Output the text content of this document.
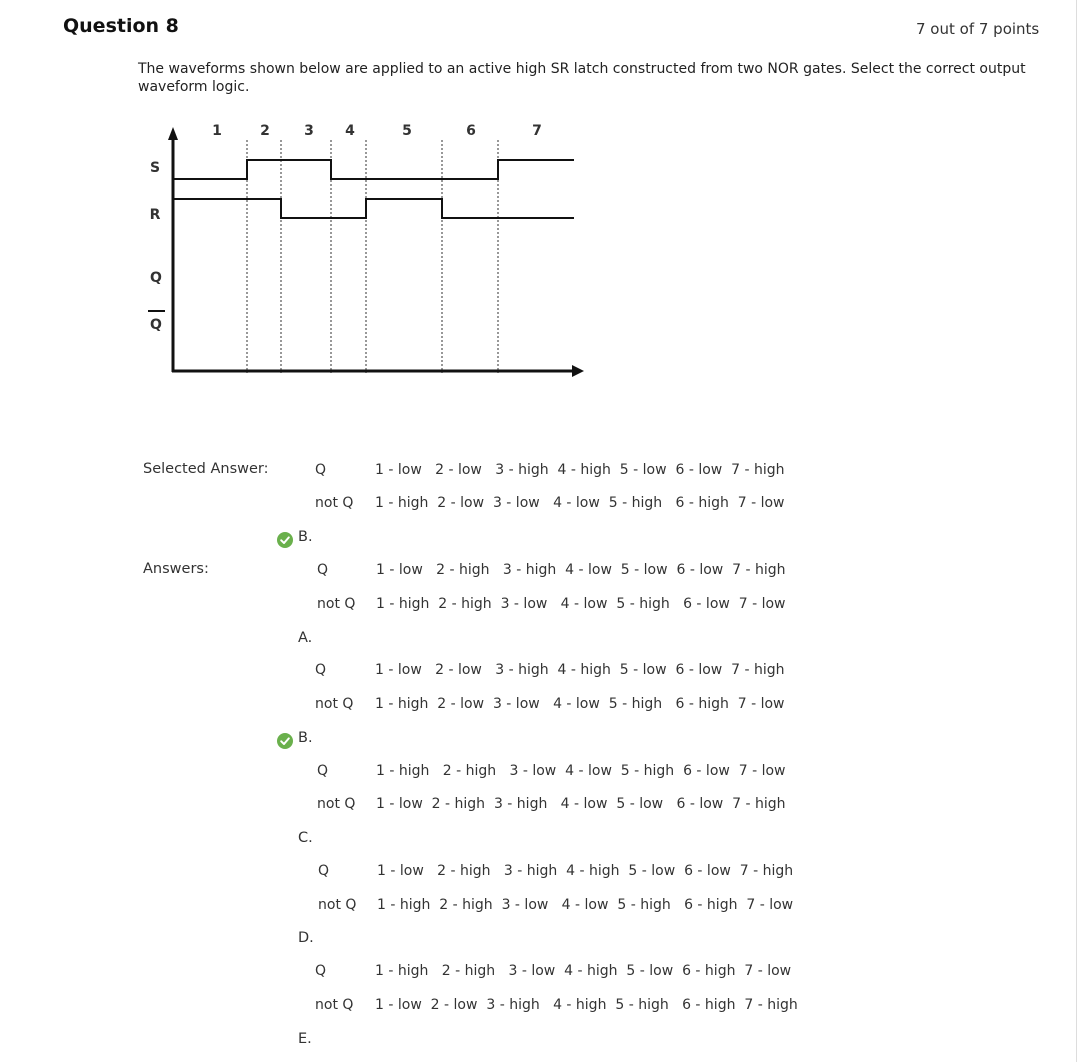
Question 8	7 out of 7 points
The waveforms shown below are applied to an active high SR latch constructed from two NOR gates. Select the correct output waveform logic.
1	2 3 4	5	6	7
S
R
Q
Q
Selected Answer:	Q	1 - low   2 - low   3 - high  4 - high  5 - low  6 - low  7 - high
not Q 1 - high  2 - low  3 - low   4 - low  5 - high   6 - high  7 - low
B.
Answers:	Q	1 - low   2 - high   3 - high  4 - low  5 - low  6 - low  7 - high
not Q 1 - high  2 - high  3 - low   4 - low  5 - high   6 - low  7 - low
A.
Q	1 - low   2 - low   3 - high  4 - high  5 - low  6 - low  7 - high
not Q 1 - high  2 - low  3 - low   4 - low  5 - high   6 - high  7 - low
B.
Q	1 - high   2 - high   3 - low  4 - low  5 - high  6 - low  7 - low
not Q 1 - low  2 - high  3 - high   4 - low  5 - low   6 - low  7 - high
C.
Q	1 - low   2 - high   3 - high  4 - high  5 - low  6 - low  7 - high
not Q 1 - high  2 - high  3 - low   4 - low  5 - high   6 - high  7 - low
D.
Q	1 - high   2 - high   3 - low  4 - high  5 - low  6 - high  7 - low
not Q 1 - low  2 - low  3 - high   4 - high  5 - high   6 - high  7 - high
E.
